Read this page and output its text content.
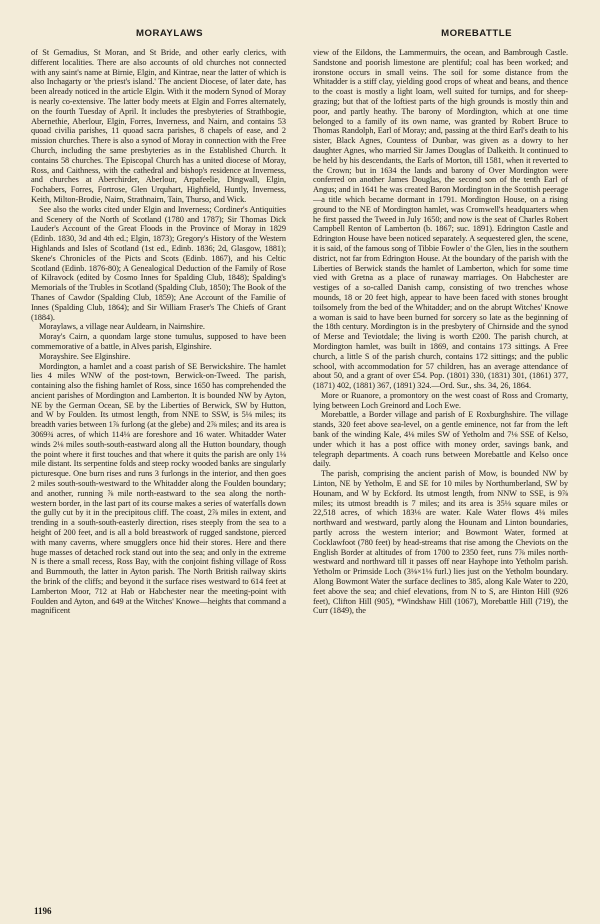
MORAYLAWS	MOREBATTLE

of St Gernadius, St Moran, and St Bride, and other early clerics, with different localities. There are also accounts of old churches not connected with any saint's name at Birnie, Elgin, and Kintrae, near the latter of which is also Inchagarty or 'the priest's island.' The ancient Diocese, of later date, has been already noticed in the article Elgin. With it the modern Synod of Moray is nearly co-extensive. The latter body meets at Elgin and Forres alternately, on the fourth Tuesday of April. It includes the presbyteries of Strathbogie, Abernethie, Aberlour, Elgin, Forres, Inverness, and Nairn, and contains 53 quoad civilia parishes, 11 quoad sacra parishes, 8 chapels of ease, and 2 mission churches. There is also a synod of Moray in connection with the Free Church, including the same presbyteries as in the Established Church. It contains 58 churches. The Episcopal Church has a united diocese of Moray, Ross, and Caithness, with the cathedral and bishop's residence at Inverness, and churches at Aberchirder, Aberlour, Arpafeelie, Dingwall, Elgin, Fochabers, Forres, Fortrose, Glen Urquhart, Highfield, Huntly, Inverness, Keith, Milton-Brodie, Nairn, Strathnairn, Tain, Thurso, and Wick.

See also the works cited under Elgin and Inverness; Cordiner's Antiquities and Scenery of the North of Scotland (1780 and 1787); Sir Thomas Dick Lauder's Account of the Great Floods in the Province of Moray in 1829 (Edinb. 1830, 3d and 4th ed.; Elgin, 1873); Gregory's History of the Western Highlands and Isles of Scotland (1st ed., Edinb. 1836; 2d, Glasgow, 1881); Skene's Chronicles of the Picts and Scots (Edinb. 1867), and his Celtic Scotland (Edinb. 1876-80); A Genealogical Deduction of the Family of Rose of Kilravock (edited by Cosmo Innes for Spalding Club, 1848); Spalding's Memorials of the Trubles in Scotland (Spalding Club, 1850); The Book of the Thanes of Cawdor (Spalding Club, 1859); Ane Account of the Familie of Innes (Spalding Club, 1864); and Sir William Fraser's The Chiefs of Grant (1884).

Moraylaws, a village near Auldearn, in Nairnshire.

Moray's Cairn, a quondam large stone tumulus, supposed to have been commemorative of a battle, in Alves parish, Elginshire.

Morayshire. See Elginshire.

Mordington, a hamlet and a coast parish of SE Berwickshire. The hamlet lies 4 miles WNW of the post-town, Berwick-on-Tweed. The parish, containing also the fishing hamlet of Ross, since 1650 has comprehended the ancient parishes of Mordington and Lamberton. It is bounded NW by Ayton, NE by the German Ocean, SE by the Liberties of Berwick, SW by Hutton, and W by Foulden. Its utmost length, from NNE to SSW, is 5⅛ miles; its breadth varies between 1⅞ furlong (at the glebe) and 2⅞ miles; and its area is 3069¾ acres, of which 114⅛ are foreshore and 16 water. Whitadder Water winds 2⅛ miles south-south-eastward along all the Hutton boundary, though the point where it first touches and that where it quits the parish are only 1⅛ mile distant. Its serpentine folds and steep rocky wooded banks are singularly picturesque. One burn rises and runs 3 furlongs in the interior, and then goes 2 miles south-south-westward to the Whitadder along the Foulden boundary; and another, running ⅞ mile north-eastward to the sea along the north-western border, in the last part of its course makes a series of waterfalls down the gully cut by it in the precipitous cliff. The coast, 2⅞ miles in extent, and trending in a south-south-easterly direction, rises steeply from the sea to a height of 200 feet, and is all a bold breastwork of rugged sandstone, pierced with many caverns, where smugglers once hid their stores. Here and there huge masses of detached rock stand out into the sea; and only in the extreme N is there a small recess, Ross Bay, with the conjoint fishing village of Ross and Burnmouth, the latter in Ayton parish. The North British railway skirts the brink of the cliffs; and beyond it the surface rises westward to 614 feet at Lamberton Moor, 712 at Hab or Habchester near the meeting-point with Foulden and Ayton, and 649 at the Witches' Knowe—heights that command a magnificent

view of the Eildons, the Lammermuirs, the ocean, and Bambrough Castle. Sandstone and poorish limestone are plentiful; coal has been worked; and ironstone occurs in small veins. The soil for some distance from the Whitadder is a stiff clay, yielding good crops of wheat and beans, and thence to the coast is mostly a light loam, well suited for turnips, and for sheep-grazing; but that of the loftiest parts of the high grounds is mostly thin and poor, and partly heathy. The barony of Mordington, which at one time belonged to a family of its own name, was granted by Robert Bruce to Thomas Randolph, Earl of Moray; and, passing at the third Earl's death to his sister, Black Agnes, Countess of Dunbar, was given as a dowry to her daughter Agnes, who married Sir James Douglas of Dalkeith. It continued to be held by his descendants, the Earls of Morton, till 1581, when it reverted to the Crown; but in 1634 the lands and barony of Over Mordington were conferred on another James Douglas, the second son of the tenth Earl of Angus; and in 1641 he was created Baron Mordington in the Scottish peerage—a title which became dormant in 1791. Mordington House, on a rising ground to the NE of Mordington hamlet, was Cromwell's headquarters when he first passed the Tweed in July 1650; and now is the seat of Charles Robert Campbell Renton of Lamberton (b. 1867; suc. 1891). Edrington Castle and Edrington House have been noticed separately. A sequestered glen, the scene, it is said, of the famous song of Tibbie Fowler o' the Glen, lies in the southern district, not far from Edrington House. At the boundary of the parish with the Liberties of Berwick stands the hamlet of Lamberton, which for some time vied with Gretna as a place of runaway marriages. On Habchester are vestiges of a so-called Danish camp, consisting of two trenches whose mounds, 18 or 20 feet high, appear to have been faced with stones brought toilsomely from the bed of the Whitadder; and on the abrupt Witches' Knowe a woman is said to have been burned for sorcery so late as the beginning of the 18th century. Mordington is in the presbytery of Chirnside and the synod of Merse and Teviotdale; the living is worth £200. The parish church, at Mordington hamlet, was built in 1869, and contains 173 sittings. A Free church, a little S of the parish church, contains 172 sittings; and the public school, with accommodation for 57 children, has an average attendance of about 50, and a grant of over £54. Pop. (1801) 330, (1831) 301, (1861) 377, (1871) 402, (1881) 367, (1891) 324.—Ord. Sur., shs. 34, 26, 1864.

More or Ruanore, a promontory on the west coast of Ross and Cromarty, lying between Loch Greinord and Loch Ewe.

Morebattle, a Border village and parish of E Roxburghshire. The village stands, 320 feet above sea-level, on a gentle eminence, not far from the left bank of the winding Kale, 4⅛ miles SW of Yetholm and 7⅛ SSE of Kelso, under which it has a post office with money order, savings bank, and telegraph departments. A coach runs between Morebattle and Kelso once daily.

The parish, comprising the ancient parish of Mow, is bounded NW by Linton, NE by Yetholm, E and SE for 10 miles by Northumberland, SW by Hounam, and W by Eckford. Its utmost length, from NNW to SSE, is 9⅞ miles; its utmost breadth is 7 miles; and its area is 35⅛ square miles or 22,518 acres, of which 183⅛ are water. Kale Water flows 4⅛ miles northward and westward, partly along the Hounam and Linton boundaries, partly across the western interior; and Bowmont Water, formed at Cocklawfoot (780 feet) by head-streams that rise among the Cheviots on the English Border at altitudes of from 1700 to 2350 feet, runs 7⅞ miles north-westward and northward till it passes off near Hayhope into Yetholm parish. Yetholm or Primside Loch (3⅛×1⅛ furl.) lies just on the Yetholm boundary. Along Bowmont Water the surface declines to 385, along Kale Water to 220, feet above the sea; and chief elevations, from N to S, are Hinton Hill (926 feet), Clifton Hill (905), *Windshaw Hill (1067), Morebattle Hill (719), the Curr (1849), the

1196
